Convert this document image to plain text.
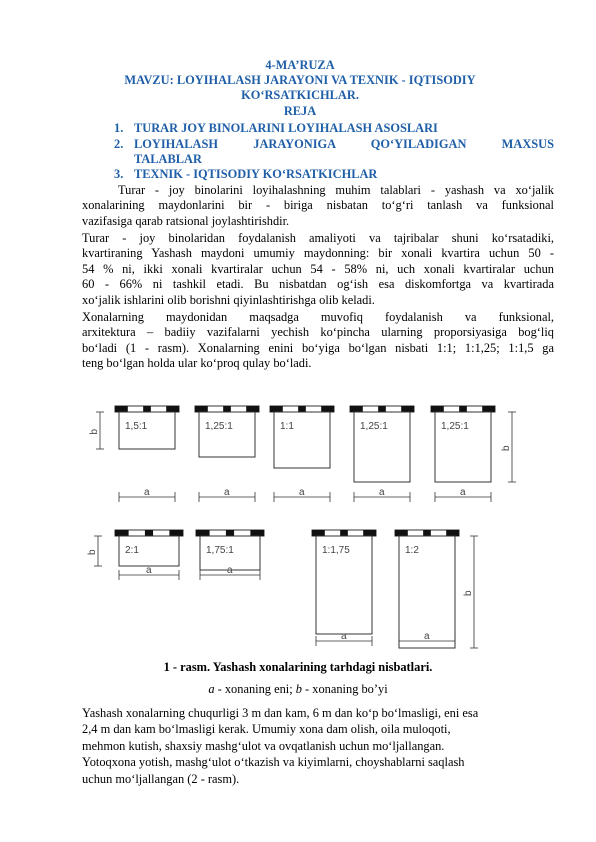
4-MA’RUZA
MAVZU: LOYIHALASH JARAYONI VA TEXNIK - IQTISODIY
KO‘RSATKICHLAR.
REJA
1. TURAR JOY BINOLARINI LOYIHALASH ASOSLARI
2. LOYIHALASH JARAYONIGA QO‘YILADIGAN MAXSUS
TALABLAR
3. TEXNIK - IQTISODIY KO‘RSATKICHLAR
Turar - joy binolarini loyihalashning muhim talablari - yashash va xo‘jalik
xonalarining maydonlarini bir - biriga nisbatan to‘g‘ri tanlash va funksional
vazifasiga qarab ratsional joylashtirishdir.
Turar - joy binolaridan foydalanish amaliyoti va tajribalar shuni ko‘rsatadiki,
kvartiraning Yashash maydoni umumiy maydonning: bir xonali kvartira uchun 50 -
54 % ni, ikki xonali kvartiralar uchun 54 - 58% ni, uch xonali kvartiralar uchun
60 - 66% ni tashkil etadi. Bu nisbatdan og‘ish esa diskomfortga va kvartirada
xo‘jalik ishlarini olib borishni qiyinlashtirishga olib keladi.
Xonalarning maydonidan maqsadga muvofiq foydalanish va funksional,
arxitektura – badiiy vazifalarni yechish ko‘pincha ularning proporsiyasiga bog‘liq
bo‘ladi (1 - rasm). Xonalarning enini bo‘yiga bo‘lgan nisbati 1:1; 1:1,25; 1:1,5 ga
teng bo‘lgan holda ular ko‘proq qulay bo‘ladi.
1,5:1
a
1,25:1
a
1:1
a
1,25:1
a
1,25:1
a
b
b
2:1	1,75:1	1:1,75	1:2
a	a
a	a
b
b
1 - rasm. Yashash xonalarining tarhdagi nisbatlari.
a - xonaning eni; b - xonaning bo’yi
Yashash xonalarning chuqurligi 3 m dan kam, 6 m dan ko‘p bo‘lmasligi, eni esa
2,4 m dan kam bo‘lmasligi kerak. Umumiy xona dam olish, oila muloqoti,
mehmon kutish, shaxsiy mashg‘ulot va ovqatlanish uchun mo‘ljallangan.
Yotoqxona yotish, mashg‘ulot o‘tkazish va kiyimlarni, choyshablarni saqlash
uchun mo‘ljallangan (2 - rasm).
